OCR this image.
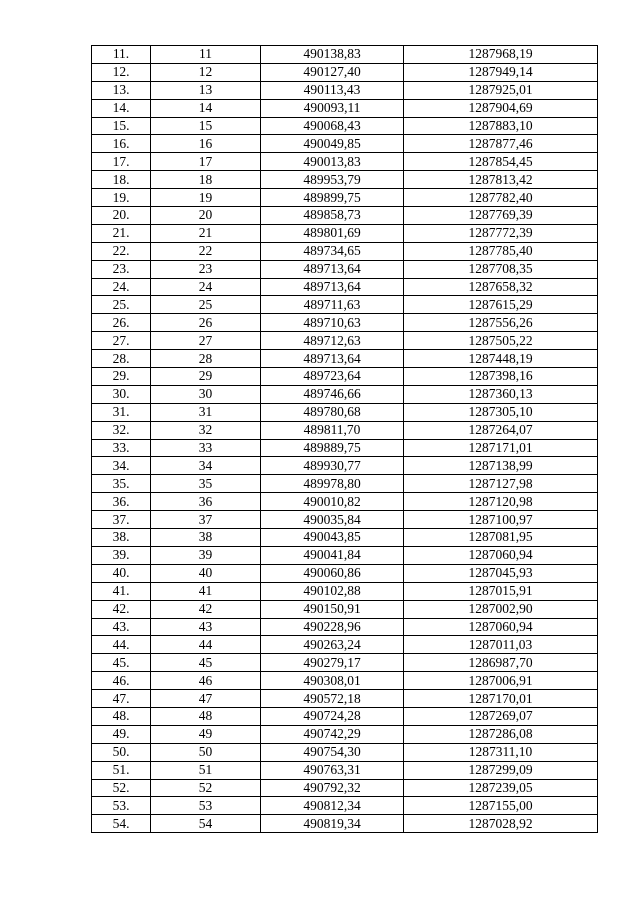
11.	11	490138,83	1287968,19
12.	12	490127,40	1287949,14
13.	13	490113,43	1287925,01
14.	14	490093,11	1287904,69
15.	15	490068,43	1287883,10
16.	16	490049,85	1287877,46
17.	17	490013,83	1287854,45
18.	18	489953,79	1287813,42
19.	19	489899,75	1287782,40
20.	20	489858,73	1287769,39
21.	21	489801,69	1287772,39
22.	22	489734,65	1287785,40
23.	23	489713,64	1287708,35
24.	24	489713,64	1287658,32
25.	25	489711,63	1287615,29
26.	26	489710,63	1287556,26
27.	27	489712,63	1287505,22
28.	28	489713,64	1287448,19
29.	29	489723,64	1287398,16
30.	30	489746,66	1287360,13
31.	31	489780,68	1287305,10
32.	32	489811,70	1287264,07
33.	33	489889,75	1287171,01
34.	34	489930,77	1287138,99
35.	35	489978,80	1287127,98
36.	36	490010,82	1287120,98
37.	37	490035,84	1287100,97
38.	38	490043,85	1287081,95
39.	39	490041,84	1287060,94
40.	40	490060,86	1287045,93
41.	41	490102,88	1287015,91
42.	42	490150,91	1287002,90
43.	43	490228,96	1287060,94
44.	44	490263,24	1287011,03
45.	45	490279,17	1286987,70
46.	46	490308,01	1287006,91
47.	47	490572,18	1287170,01
48.	48	490724,28	1287269,07
49.	49	490742,29	1287286,08
50.	50	490754,30	1287311,10
51.	51	490763,31	1287299,09
52.	52	490792,32	1287239,05
53.	53	490812,34	1287155,00
54.	54	490819,34	1287028,92
